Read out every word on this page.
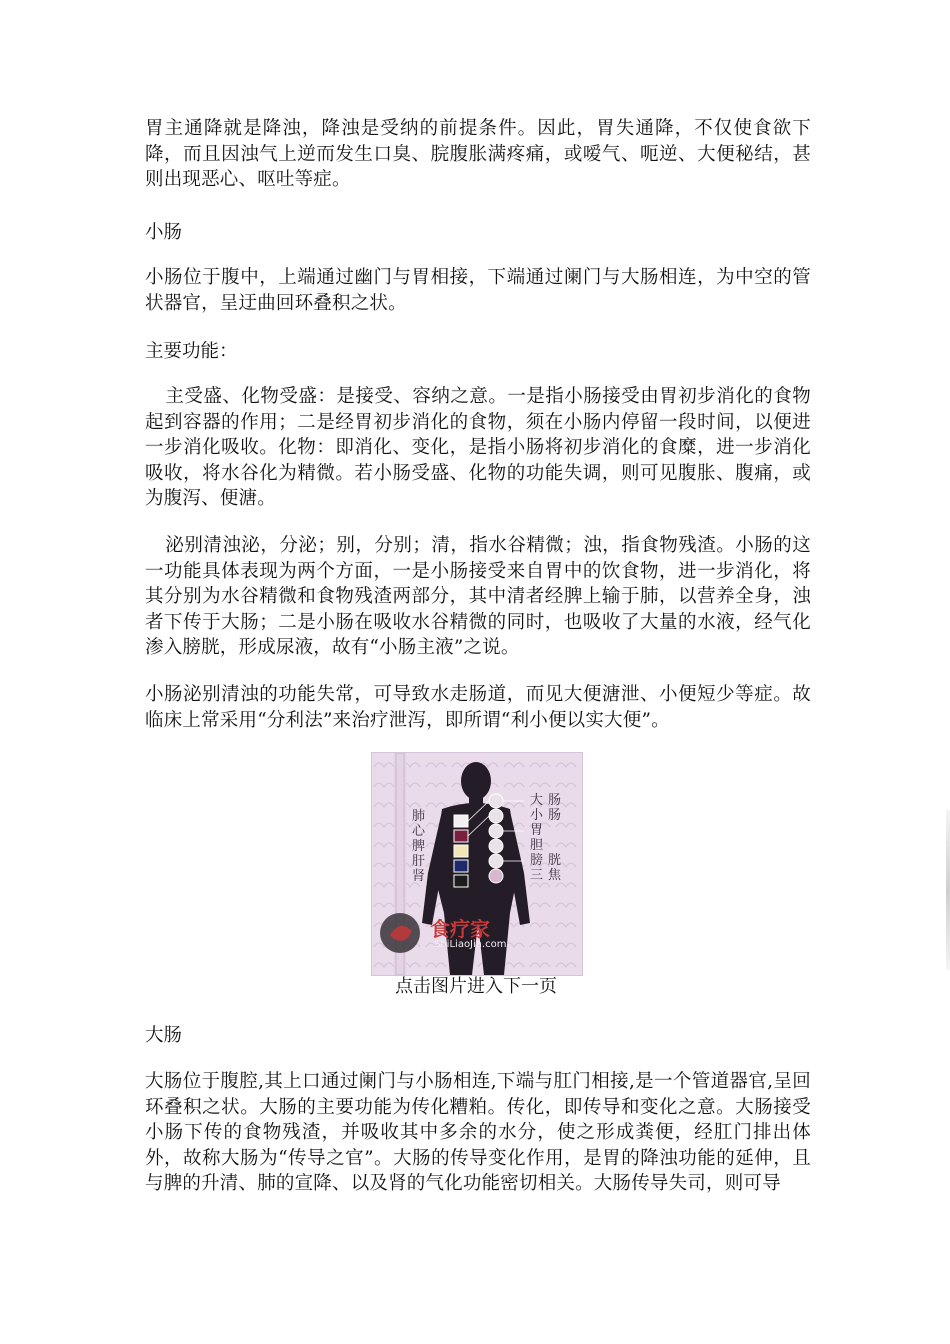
胃主通降就是降浊，降浊是受纳的前提条件。因此，胃失通降，不仅使食欲下降，而且因浊气上逆而发生口臭、脘腹胀满疼痛，或嗳气、呃逆、大便秘结，甚则出现恶心、呕吐等症。

小肠

小肠位于腹中，上端通过幽门与胃相接，下端通过阑门与大肠相连，为中空的管状器官，呈迂曲回环叠积之状。

主要功能：

主受盛、化物受盛：是接受、容纳之意。一是指小肠接受由胃初步消化的食物起到容器的作用；二是经胃初步消化的食物，须在小肠内停留一段时间，以便进一步消化吸收。化物：即消化、变化，是指小肠将初步消化的食糜，进一步消化吸收，将水谷化为精微。若小肠受盛、化物的功能失调，则可见腹胀、腹痛，或为腹泻、便溏。

泌别清浊泌，分泌；别，分别；清，指水谷精微；浊，指食物残渣。小肠的这一功能具体表现为两个方面，一是小肠接受来自胃中的饮食物，进一步消化，将其分别为水谷精微和食物残渣两部分，其中清者经脾上输于肺，以营养全身，浊者下传于大肠；二是小肠在吸收水谷精微的同时，也吸收了大量的水液，经气化渗入膀胱，形成尿液，故有“小肠主液”之说。

小肠泌别清浊的功能失常，可导致水走肠道，而见大便溏泄、小便短少等症。故临床上常采用“分利法”来治疗泄泻，即所谓“利小便以实大便”。

肺
心
脾
肝
肾
大
小
胃
胆
膀
三
肠
肠
胱
焦
食疗家
ShiLiaoJia.com

点击图片进入下一页

大肠

大肠位于腹腔,其上口通过阑门与小肠相连,下端与肛门相接,是一个管道器官,呈回环叠积之状。大肠的主要功能为传化糟粕。传化，即传导和变化之意。大肠接受小肠下传的食物残渣，并吸收其中多余的水分，使之形成粪便，经肛门排出体外，故称大肠为“传导之官”。大肠的传导变化作用，是胃的降浊功能的延伸，且与脾的升清、肺的宣降、以及肾的气化功能密切相关。大肠传导失司，则可导
